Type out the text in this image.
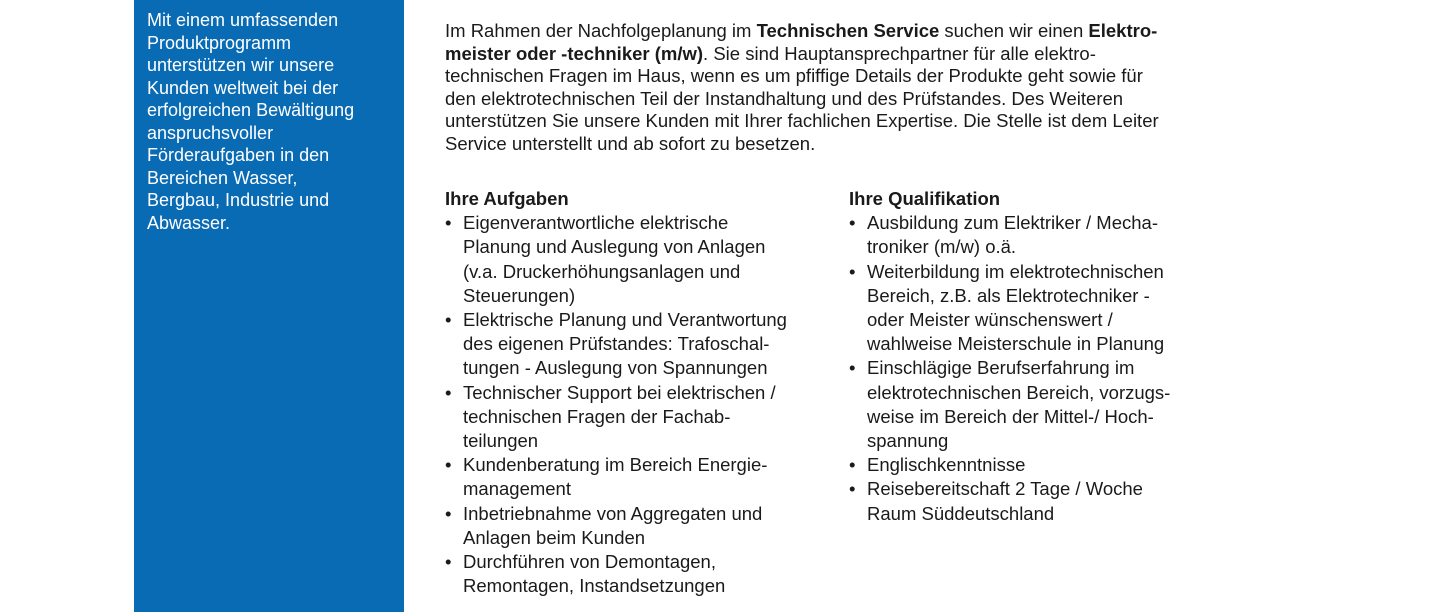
Mit einem umfassenden
Produktprogramm
unterstützen wir unsere
Kunden weltweit bei der
erfolgreichen Bewältigung
anspruchsvoller
Förderaufgaben in den
Bereichen Wasser,
Bergbau, Industrie und
Abwasser.
Im Rahmen der Nachfolgeplanung im Technischen Service suchen wir einen Elektro-
meister oder -techniker (m/w). Sie sind Hauptansprechpartner für alle elektro-
technischen Fragen im Haus, wenn es um pfiffige Details der Produkte geht sowie für
den elektrotechnischen Teil der Instandhaltung und des Prüfstandes. Des Weiteren
unterstützen Sie unsere Kunden mit Ihrer fachlichen Expertise. Die Stelle ist dem Leiter
Service unterstellt und ab sofort zu besetzen.
Ihre Aufgaben
• Eigenverantwortliche elektrische
Planung und Auslegung von Anlagen
(v.a. Druckerhöhungsanlagen und
Steuerungen)
• Elektrische Planung und Verantwortung
des eigenen Prüfstandes: Trafoschal-
tungen - Auslegung von Spannungen
• Technischer Support bei elektrischen /
technischen Fragen der Fachab-
teilungen
• Kundenberatung im Bereich Energie-
management
• Inbetriebnahme von Aggregaten und
Anlagen beim Kunden
• Durchführen von Demontagen,
Remontagen, Instandsetzungen
Ihre Qualifikation
• Ausbildung zum Elektriker / Mecha-
troniker (m/w) o.ä.
• Weiterbildung im elektrotechnischen
Bereich, z.B. als Elektrotechniker -
oder Meister wünschenswert /
wahlweise Meisterschule in Planung
• Einschlägige Berufserfahrung im
elektrotechnischen Bereich, vorzugs-
weise im Bereich der Mittel-/ Hoch-
spannung
• Englischkenntnisse
• Reisebereitschaft 2 Tage / Woche
Raum Süddeutschland
